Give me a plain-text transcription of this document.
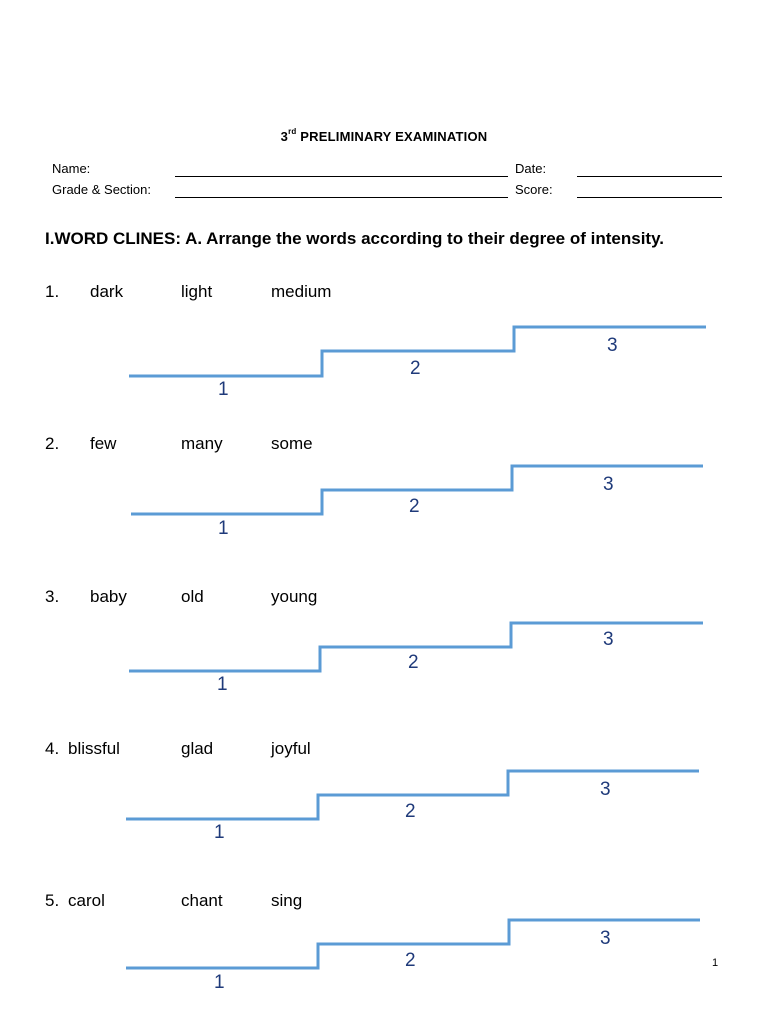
3rd PRELIMINARY EXAMINATION
Name:	Date:
Grade & Section:	Score:
I.WORD CLINES: A. Arrange the words according to their degree of intensity.
1. dark	light	medium
2. few	many	some
3. baby	old	young
4. blissful	glad	joyful
5. carol	chant	sing
1
2
3
1
2
3
1
2
3
1
2
3
1
2
3
1
